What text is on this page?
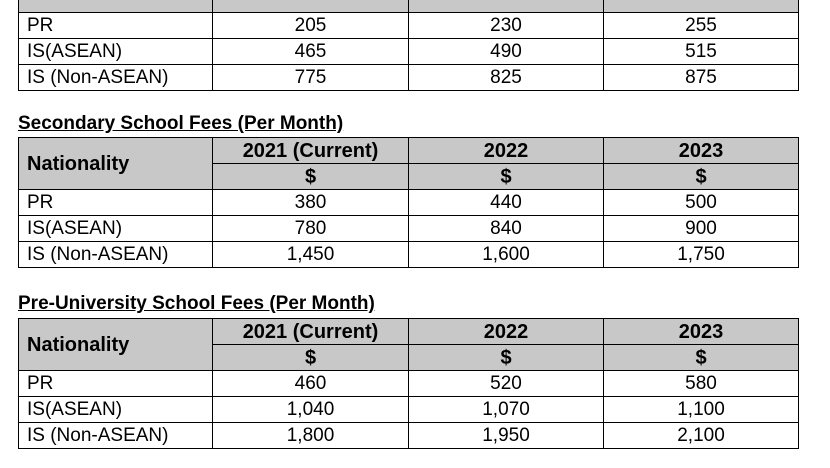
PR	205	230	255
IS(ASEAN)	465	490	515
IS (Non-ASEAN)	775	825	875
Secondary School Fees (Per Month)
Nationality	2021 (Current)	2022	2023
	$	$	$
PR	380	440	500
IS(ASEAN)	780	840	900
IS (Non-ASEAN)	1,450	1,600	1,750
Pre-University School Fees (Per Month)
Nationality	2021 (Current)	2022	2023
	$	$	$
PR	460	520	580
IS(ASEAN)	1,040	1,070	1,100
IS (Non-ASEAN)	1,800	1,950	2,100
